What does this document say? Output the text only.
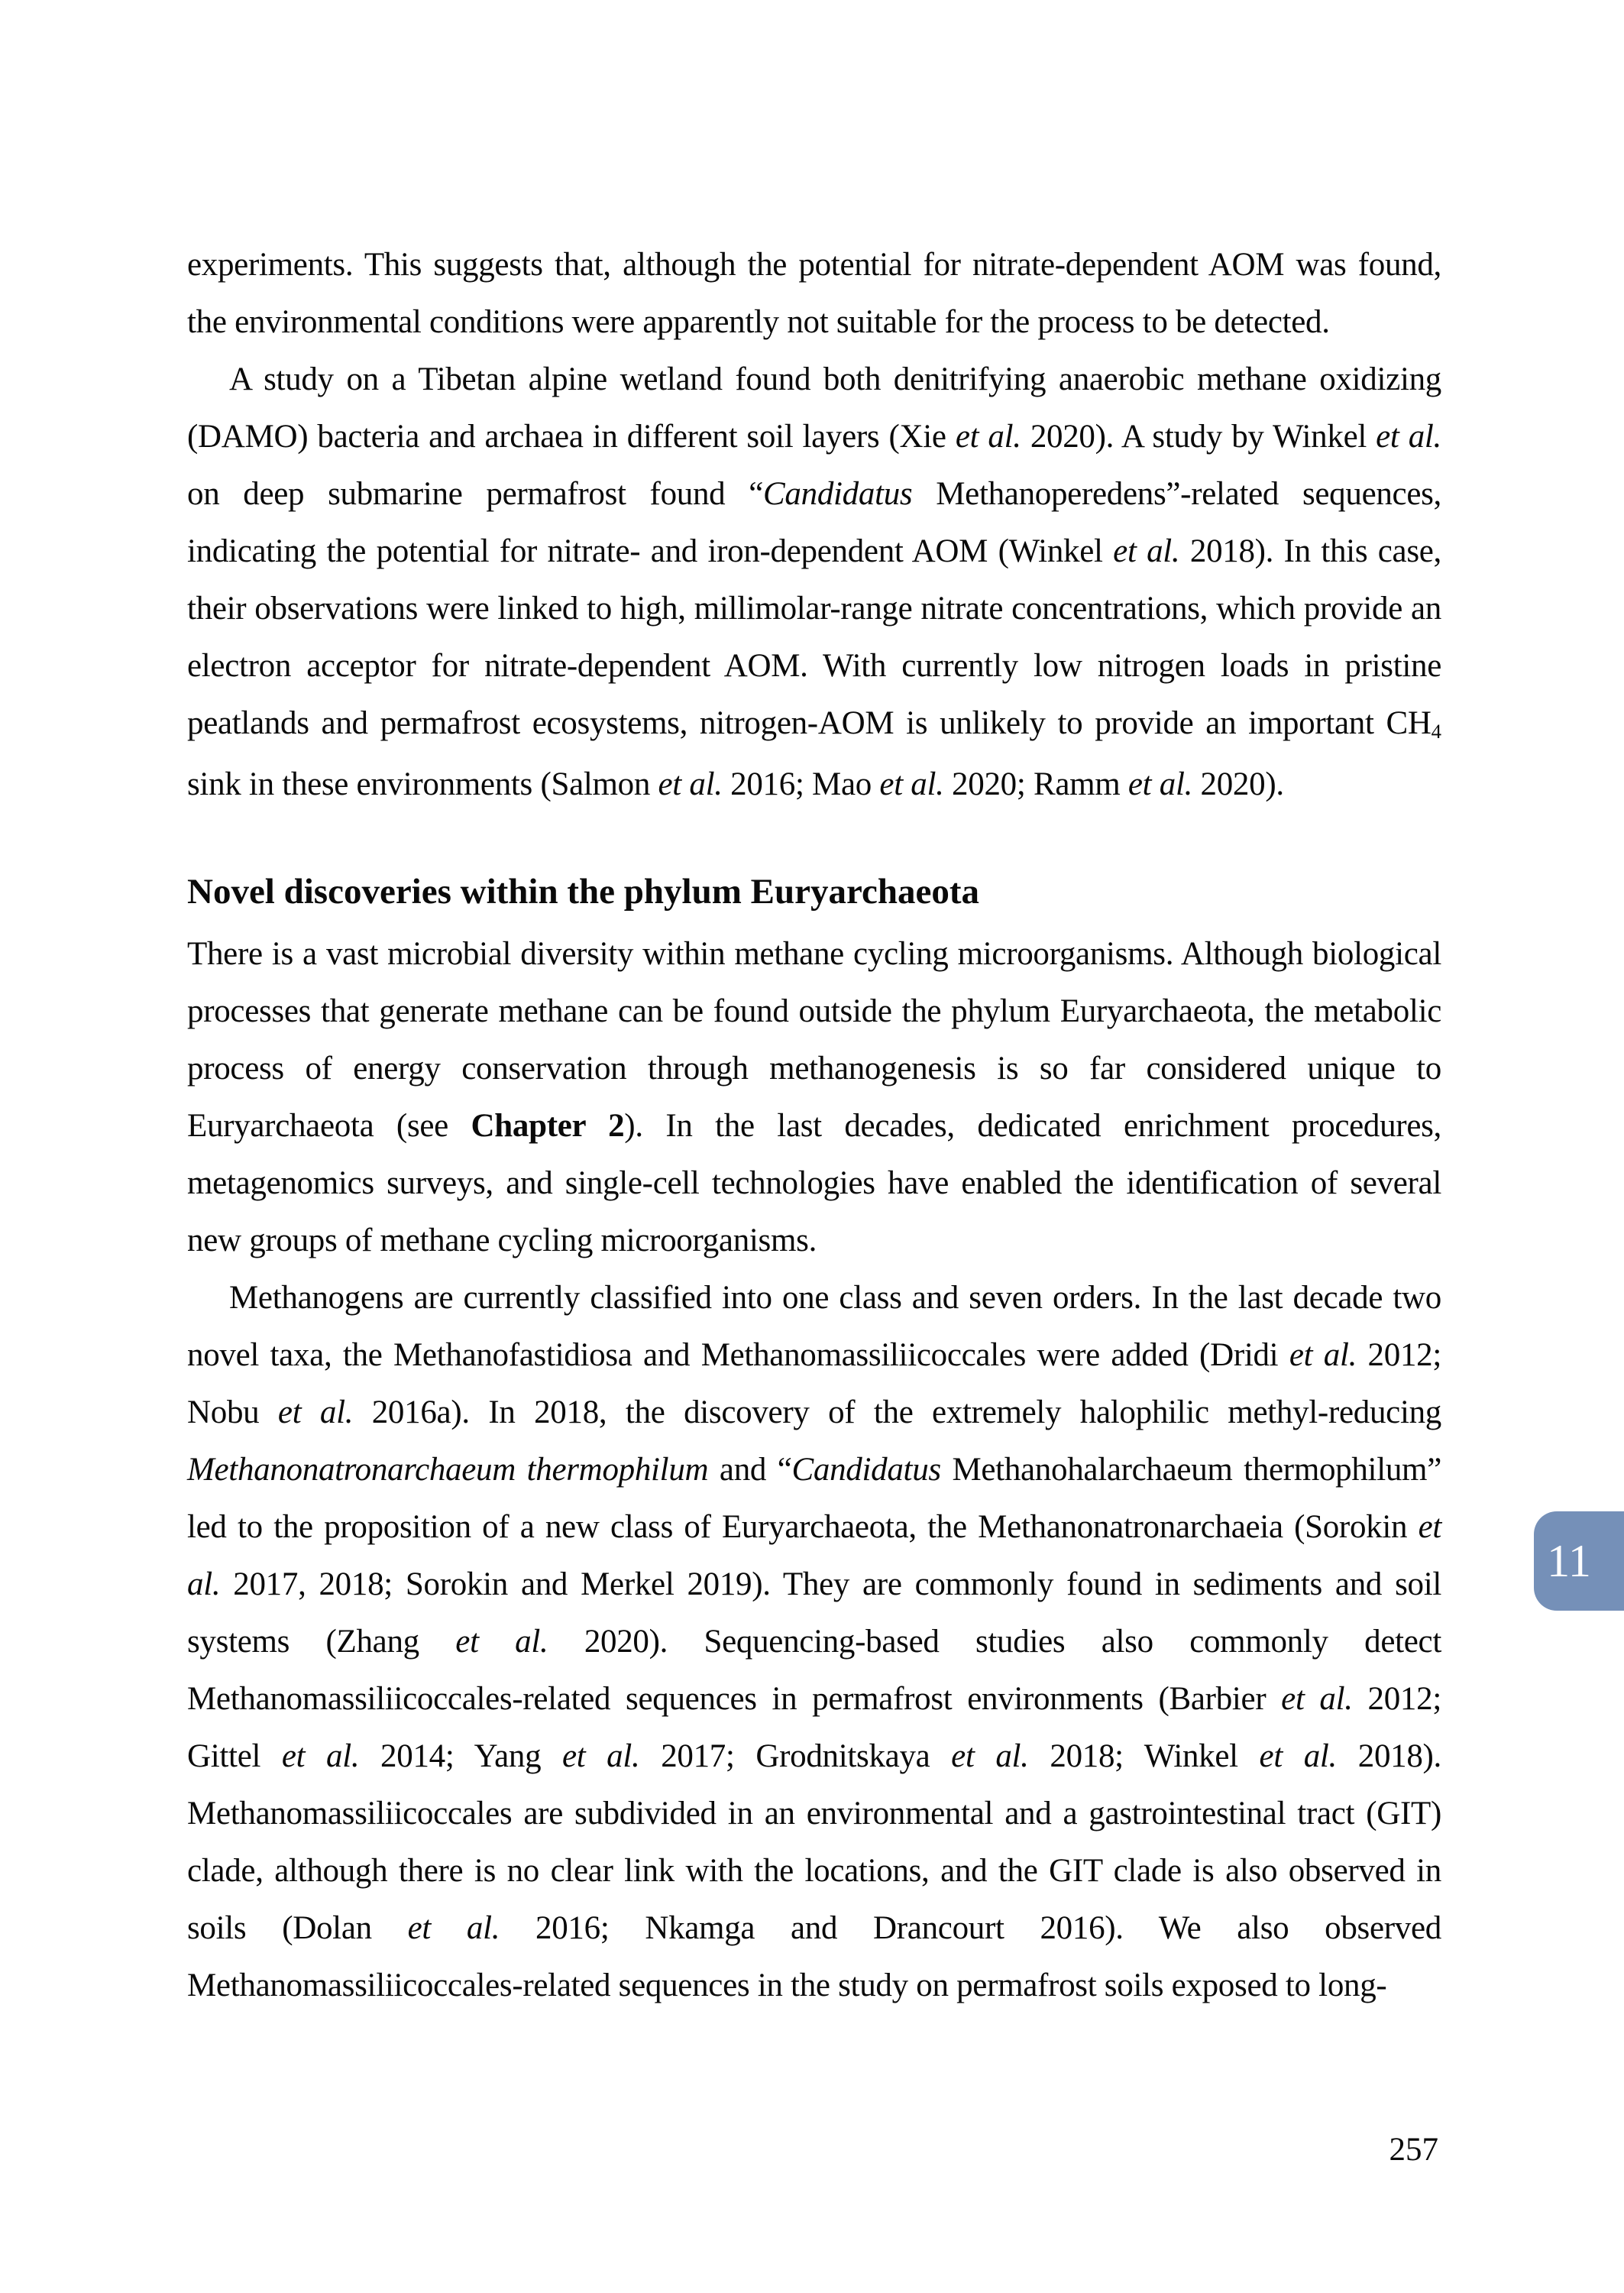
experiments. This suggests that, although the potential for nitrate-dependent AOM was found, the environmental conditions were apparently not suitable for the process to be detected.

A study on a Tibetan alpine wetland found both denitrifying anaerobic methane oxidizing (DAMO) bacteria and archaea in different soil layers (Xie et al. 2020). A study by Winkel et al. on deep submarine permafrost found “Candidatus Methanoperedens”-related sequences, indicating the potential for nitrate- and iron-dependent AOM (Winkel et al. 2018). In this case, their observations were linked to high, millimolar-range nitrate concentrations, which provide an electron acceptor for nitrate-dependent AOM. With currently low nitrogen loads in pristine peatlands and permafrost ecosystems, nitrogen-AOM is unlikely to provide an important CH4 sink in these environments (Salmon et al. 2016; Mao et al. 2020; Ramm et al. 2020).

Novel discoveries within the phylum Euryarchaeota

There is a vast microbial diversity within methane cycling microorganisms. Although biological processes that generate methane can be found outside the phylum Euryarchaeota, the metabolic process of energy conservation through methanogenesis is so far considered unique to Euryarchaeota (see Chapter 2). In the last decades, dedicated enrichment procedures, metagenomics surveys, and single-cell technologies have enabled the identification of several new groups of methane cycling microorganisms.

Methanogens are currently classified into one class and seven orders. In the last decade two novel taxa, the Methanofastidiosa and Methanomassiliicoccales were added (Dridi et al. 2012; Nobu et al. 2016a). In 2018, the discovery of the extremely halophilic methyl-reducing Methanonatronarchaeum thermophilum and “Candidatus Methanohalarchaeum thermophilum” led to the proposition of a new class of Euryarchaeota, the Methanonatronarchaeia (Sorokin et al. 2017, 2018; Sorokin and Merkel 2019). They are commonly found in sediments and soil systems (Zhang et al. 2020). Sequencing-based studies also commonly detect Methanomassiliicoccales-related sequences in permafrost environments (Barbier et al. 2012; Gittel et al. 2014; Yang et al. 2017; Grodnitskaya et al. 2018; Winkel et al. 2018). Methanomassiliicoccales are subdivided in an environmental and a gastrointestinal tract (GIT) clade, although there is no clear link with the locations, and the GIT clade is also observed in soils (Dolan et al. 2016; Nkamga and Drancourt 2016). We also observed Methanomassiliicoccales-related sequences in the study on permafrost soils exposed to long-

11
257
